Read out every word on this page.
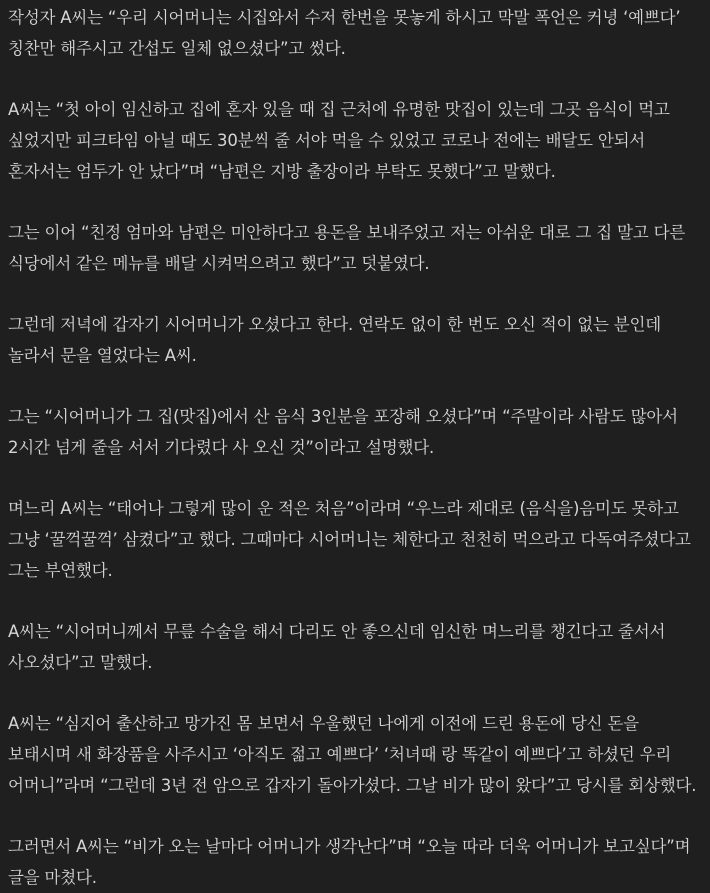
작성자 A씨는 “우리 시어머니는 시집와서 수저 한번을 못놓게 하시고 막말 폭언은 커녕 ‘예쁘다’ 칭찬만 해주시고 간섭도 일체 없으셨다”고 썼다.

A씨는 “첫 아이 임신하고 집에 혼자 있을 때 집 근처에 유명한 맛집이 있는데 그곳 음식이 먹고 싶었지만 피크타임 아닐 때도 30분씩 줄 서야 먹을 수 있었고 코로나 전에는 배달도 안되서 혼자서는 엄두가 안 났다”며 “남편은 지방 출장이라 부탁도 못했다”고 말했다.

그는 이어 “친정 엄마와 남편은 미안하다고 용돈을 보내주었고 저는 아쉬운 대로 그 집 말고 다른 식당에서 같은 메뉴를 배달 시켜먹으려고 했다”고 덧붙였다.

그런데 저녁에 갑자기 시어머니가 오셨다고 한다. 연락도 없이 한 번도 오신 적이 없는 분인데 놀라서 문을 열었다는 A씨.

그는 “시어머니가 그 집(맛집)에서 산 음식 3인분을 포장해 오셨다”며 “주말이라 사람도 많아서 2시간 넘게 줄을 서서 기다렸다 사 오신 것”이라고 설명했다.

며느리 A씨는 “태어나 그렇게 많이 운 적은 처음”이라며 “우느라 제대로 (음식을)음미도 못하고 그냥 ‘꿀꺽꿀꺽’ 삼켰다”고 했다. 그때마다 시어머니는 체한다고 천천히 먹으라고 다독여주셨다고 그는 부연했다.

A씨는 “시어머니께서 무릎 수술을 해서 다리도 안 좋으신데 임신한 며느리를 챙긴다고 줄서서 사오셨다”고 말했다.

A씨는 “심지어 출산하고 망가진 몸 보면서 우울했던 나에게 이전에 드린 용돈에 당신 돈을 보태시며 새 화장품을 사주시고 ‘아직도 젊고 예쁘다’ ‘처녀때 랑 똑같이 예쁘다’고 하셨던 우리 어머니”라며 “그런데 3년 전 암으로 갑자기 돌아가셨다. 그날 비가 많이 왔다”고 당시를 회상했다.

그러면서 A씨는 “비가 오는 날마다 어머니가 생각난다”며 “오늘 따라 더욱 어머니가 보고싶다”며 글을 마쳤다.
